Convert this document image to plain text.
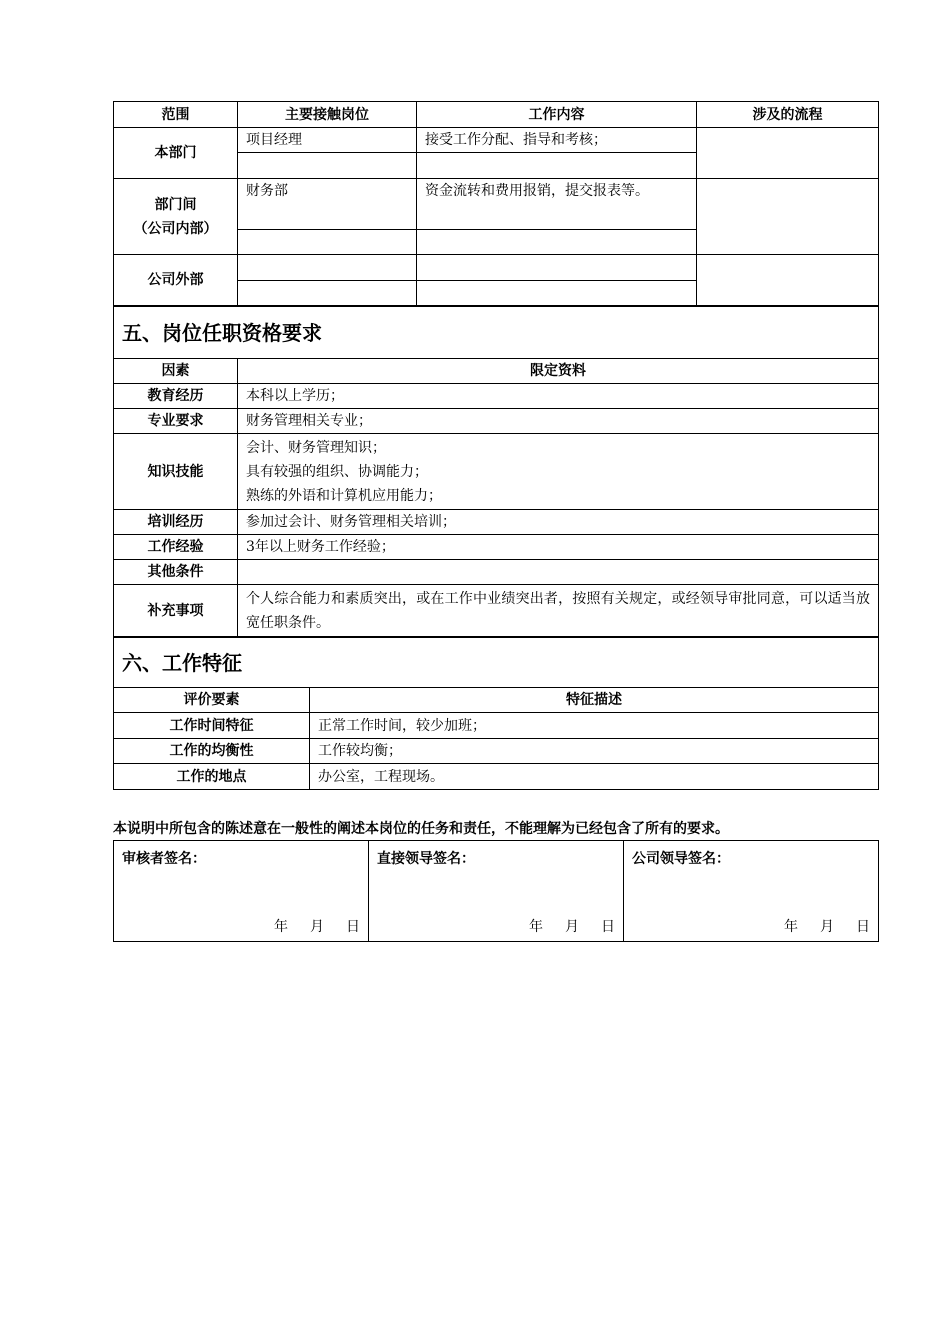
范围	主要接触岗位	工作内容	涉及的流程
本部门	项目经理	接受工作分配、指导和考核；	

部门间
（公司内部）	财务部	资金流转和费用报销，提交报表等。	

公司外部			

五、岗位任职资格要求	
因素	限定资料
教育经历	本科以上学历；
专业要求	财务管理相关专业；
知识技能	会计、财务管理知识；
具有较强的组织、协调能力；
熟练的外语和计算机应用能力；

培训经历	参加过会计、财务管理相关培训；
工作经验	3年以上财务工作经验；
其他条件	
补充事项	个人综合能力和素质突出，或在工作中业绩突出者，按照有关规定，或经领导审批同意，可以适当放宽任职条件。
六、工作特征	
评价要素	特征描述
工作时间特征	正常工作时间，较少加班；
工作的均衡性	工作较均衡；
工作的地点	办公室，工程现场。
本说明中所包含的陈述意在一般性的阐述本岗位的任务和责任，不能理解为已经包含了所有的要求。
审核者签名：
年 月 日

直接领导签名：
年 月 日

公司领导签名：
年 月 日
